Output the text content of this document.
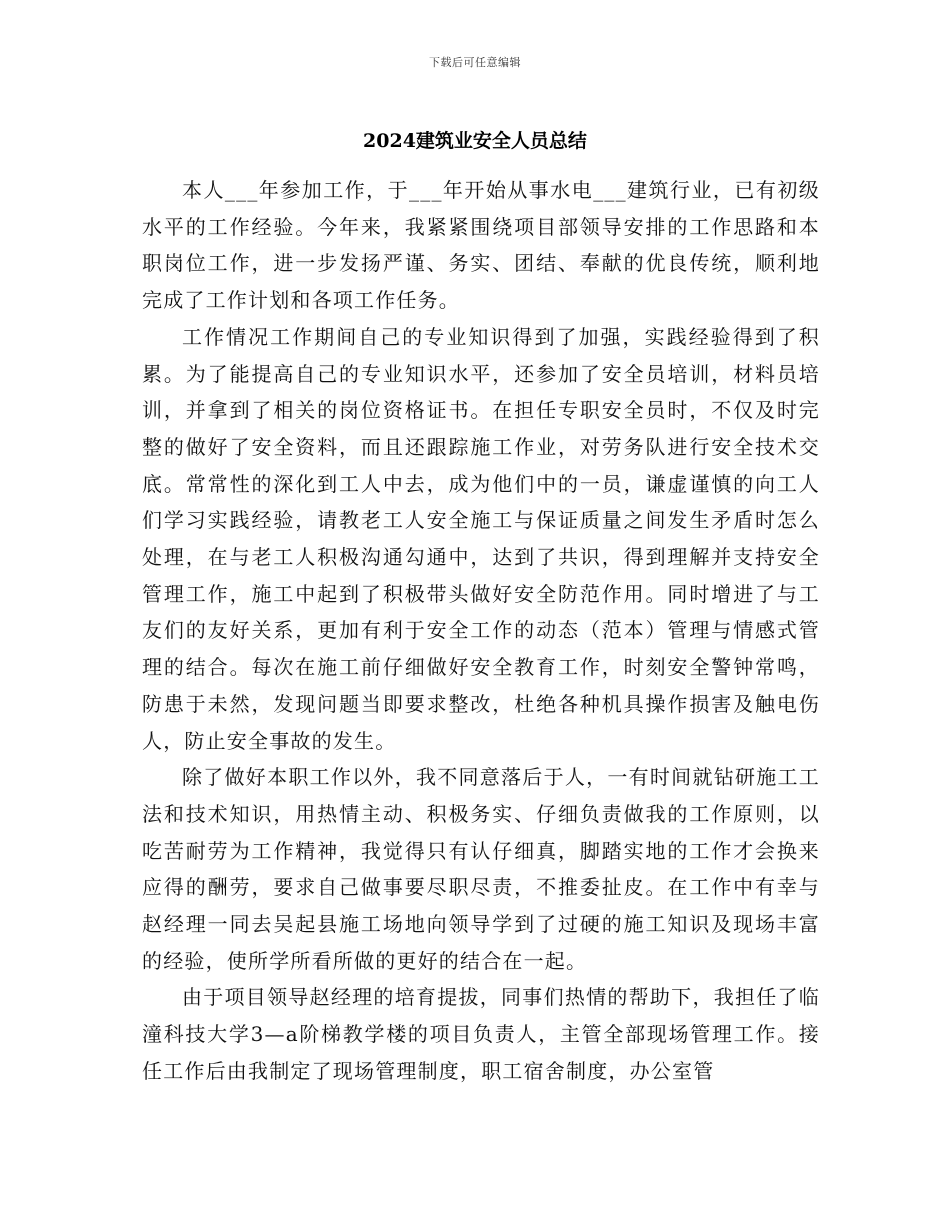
下载后可任意编辑
2024建筑业安全人员总结

本人___年参加工作，于___年开始从事水电___建筑行业，已有初级水平的工作经验。今年来，我紧紧围绕项目部领导安排的工作思路和本职岗位工作，进一步发扬严谨、务实、团结、奉献的优良传统，顺利地完成了工作计划和各项工作任务。

工作情况工作期间自己的专业知识得到了加强，实践经验得到了积累。为了能提高自己的专业知识水平，还参加了安全员培训，材料员培训，并拿到了相关的岗位资格证书。在担任专职安全员时，不仅及时完整的做好了安全资料，而且还跟踪施工作业，对劳务队进行安全技术交底。常常性的深化到工人中去，成为他们中的一员，谦虚谨慎的向工人们学习实践经验，请教老工人安全施工与保证质量之间发生矛盾时怎么处理，在与老工人积极沟通勾通中，达到了共识，得到理解并支持安全管理工作，施工中起到了积极带头做好安全防范作用。同时增进了与工友们的友好关系，更加有利于安全工作的动态（范本）管理与情感式管理的结合。每次在施工前仔细做好安全教育工作，时刻安全警钟常鸣，防患于未然，发现问题当即要求整改，杜绝各种机具操作损害及触电伤人，防止安全事故的发生。

除了做好本职工作以外，我不同意落后于人，一有时间就钻研施工工法和技术知识，用热情主动、积极务实、仔细负责做我的工作原则，以吃苦耐劳为工作精神，我觉得只有认仔细真，脚踏实地的工作才会换来应得的酬劳，要求自己做事要尽职尽责，不推委扯皮。在工作中有幸与赵经理一同去吴起县施工场地向领导学到了过硬的施工知识及现场丰富的经验，使所学所看所做的更好的结合在一起。

由于项目领导赵经理的培育提拔，同事们热情的帮助下，我担任了临潼科技大学3—a阶梯教学楼的项目负责人，主管全部现场管理工作。接任工作后由我制定了现场管理制度，职工宿舍制度，办公室管
